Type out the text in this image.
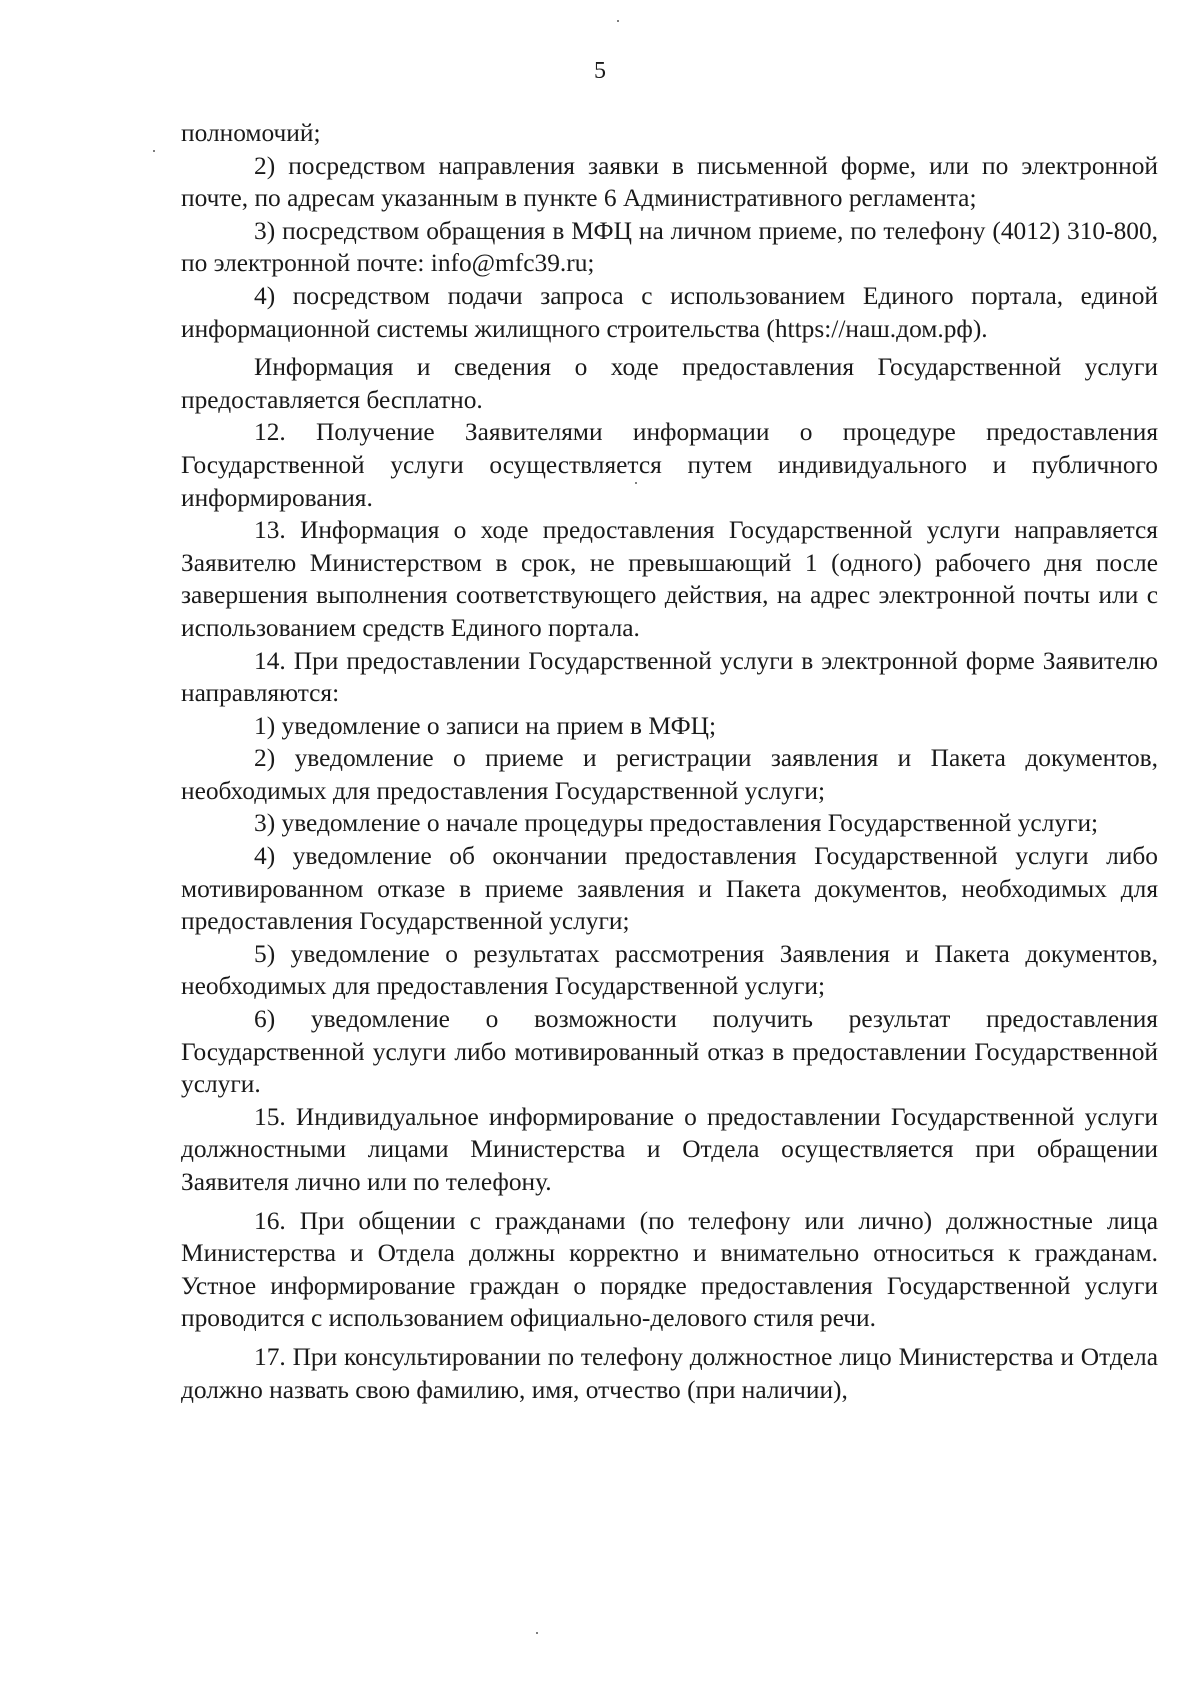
5

полномочий;

2) посредством направления заявки в письменной форме, или по электронной почте, по адресам указанным в пункте 6 Административного регламента;

3) посредством обращения в МФЦ на личном приеме, по телефону (4012) 310-800, по электронной почте: info@mfc39.ru;

4) посредством подачи запроса с использованием Единого портала, единой информационной системы жилищного строительства (https://наш.дом.рф).

Информация и сведения о ходе предоставления Государственной услуги предоставляется бесплатно.

12. Получение Заявителями информации о процедуре предоставления Государственной услуги осуществляется путем индивидуального и публичного информирования.

13. Информация о ходе предоставления Государственной услуги направляется Заявителю Министерством в срок, не превышающий 1 (одного) рабочего дня после завершения выполнения соответствующего действия, на адрес электронной почты или с использованием средств Единого портала.

14. При предоставлении Государственной услуги в электронной форме Заявителю направляются:

1) уведомление о записи на прием в МФЦ;

2) уведомление о приеме и регистрации заявления и Пакета документов, необходимых для предоставления Государственной услуги;

3) уведомление о начале процедуры предоставления Государственной услуги;

4) уведомление об окончании предоставления Государственной услуги либо мотивированном отказе в приеме заявления и Пакета документов, необходимых для предоставления Государственной услуги;

5) уведомление о результатах рассмотрения Заявления и Пакета документов, необходимых для предоставления Государственной услуги;

6) уведомление о возможности получить результат предоставления Государственной услуги либо мотивированный отказ в предоставлении Государственной услуги.

15. Индивидуальное информирование о предоставлении Государственной услуги должностными лицами Министерства и Отдела осуществляется при обращении Заявителя лично или по телефону.

16. При общении с гражданами (по телефону или лично) должностные лица Министерства и Отдела должны корректно и внимательно относиться к гражданам. Устное информирование граждан о порядке предоставления Государственной услуги проводится с использованием официально-делового стиля речи.

17. При консультировании по телефону должностное лицо Министерства и Отдела должно назвать свою фамилию, имя, отчество (при наличии),
